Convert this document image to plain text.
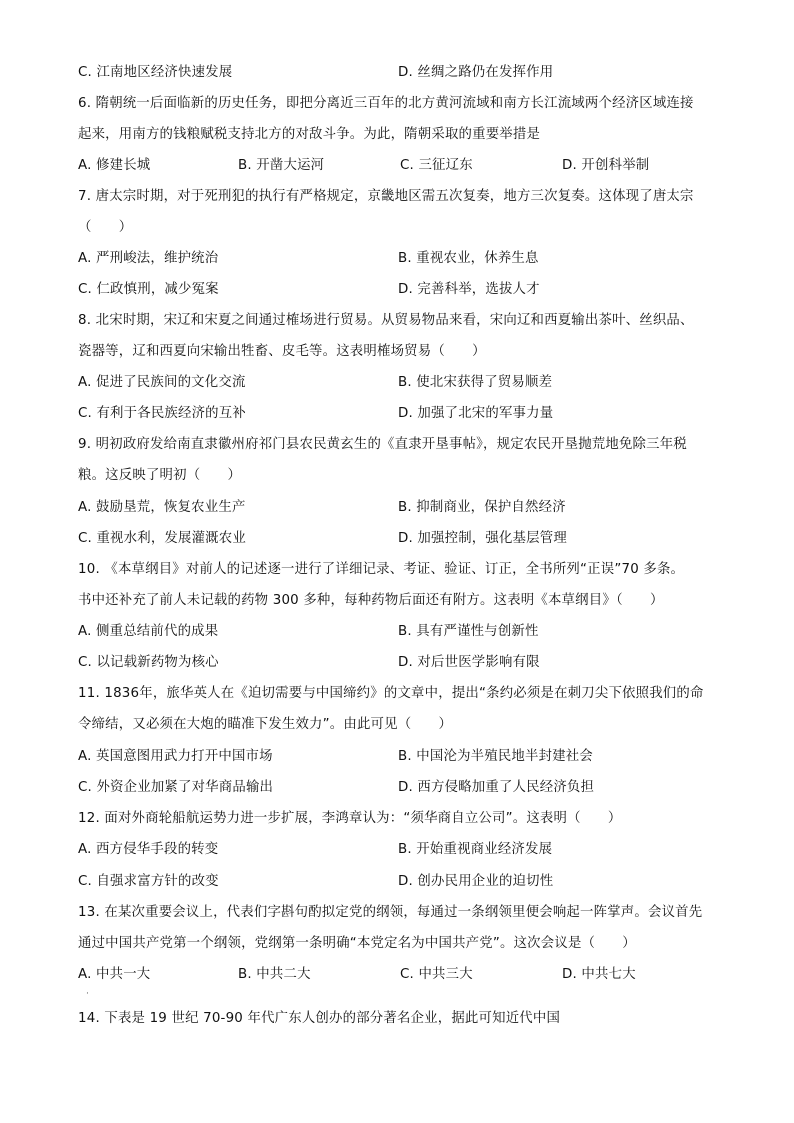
C. 江南地区经济快速发展	D. 丝绸之路仍在发挥作用
6. 隋朝统一后面临新的历史任务，即把分离近三百年的北方黄河流域和南方长江流域两个经济区域连接
起来，用南方的钱粮赋税支持北方的对敌斗争。为此，隋朝采取的重要举措是
A. 修建长城	B. 开凿大运河	C. 三征辽东	D. 开创科举制
7. 唐太宗时期，对于死刑犯的执行有严格规定，京畿地区需五次复奏，地方三次复奏。这体现了唐太宗
（　　）
A. 严刑峻法，维护统治	B. 重视农业，休养生息
C. 仁政慎刑，减少冤案	D. 完善科举，选拔人才
8. 北宋时期，宋辽和宋夏之间通过榷场进行贸易。从贸易物品来看，宋向辽和西夏输出茶叶、丝织品、
瓷器等，辽和西夏向宋输出牲畜、皮毛等。这表明榷场贸易（　　）
A. 促进了民族间的文化交流	B. 使北宋获得了贸易顺差
C. 有利于各民族经济的互补	D. 加强了北宋的军事力量
9. 明初政府发给南直隶徽州府祁门县农民黄玄生的《直隶开垦事帖》，规定农民开垦抛荒地免除三年税
粮。这反映了明初（　　）
A. 鼓励垦荒，恢复农业生产	B. 抑制商业，保护自然经济
C. 重视水利，发展灌溉农业	D. 加强控制，强化基层管理
10. 《本草纲目》对前人的记述逐一进行了详细记录、考证、验证、订正，全书所列“正误”70 多条。
书中还补充了前人未记载的药物 300 多种，每种药物后面还有附方。这表明《本草纲目》（　　）
A. 侧重总结前代的成果	B. 具有严谨性与创新性
C. 以记载新药物为核心	D. 对后世医学影响有限
11. 1836年，旅华英人在《迫切需要与中国缔约》的文章中，提出“条约必须是在刺刀尖下依照我们的命
令缔结，又必须在大炮的瞄准下发生效力”。由此可见（　　）
A. 英国意图用武力打开中国市场	B. 中国沦为半殖民地半封建社会
C. 外资企业加紧了对华商品输出	D. 西方侵略加重了人民经济负担
12. 面对外商轮船航运势力进一步扩展，李鸿章认为：“须华商自立公司”。这表明（　　）
A. 西方侵华手段的转变	B. 开始重视商业经济发展
C. 自强求富方针的改变	D. 创办民用企业的迫切性
13. 在某次重要会议上，代表们字斟句酌拟定党的纲领，每通过一条纲领里便会响起一阵掌声。会议首先
通过中国共产党第一个纲领，党纲第一条明确“本党定名为中国共产党”。这次会议是（　　）
A. 中共一大	B. 中共二大	C. 中共三大	D. 中共七大
·
14. 下表是 19 世纪 70-90 年代广东人创办的部分著名企业，据此可知近代中国
